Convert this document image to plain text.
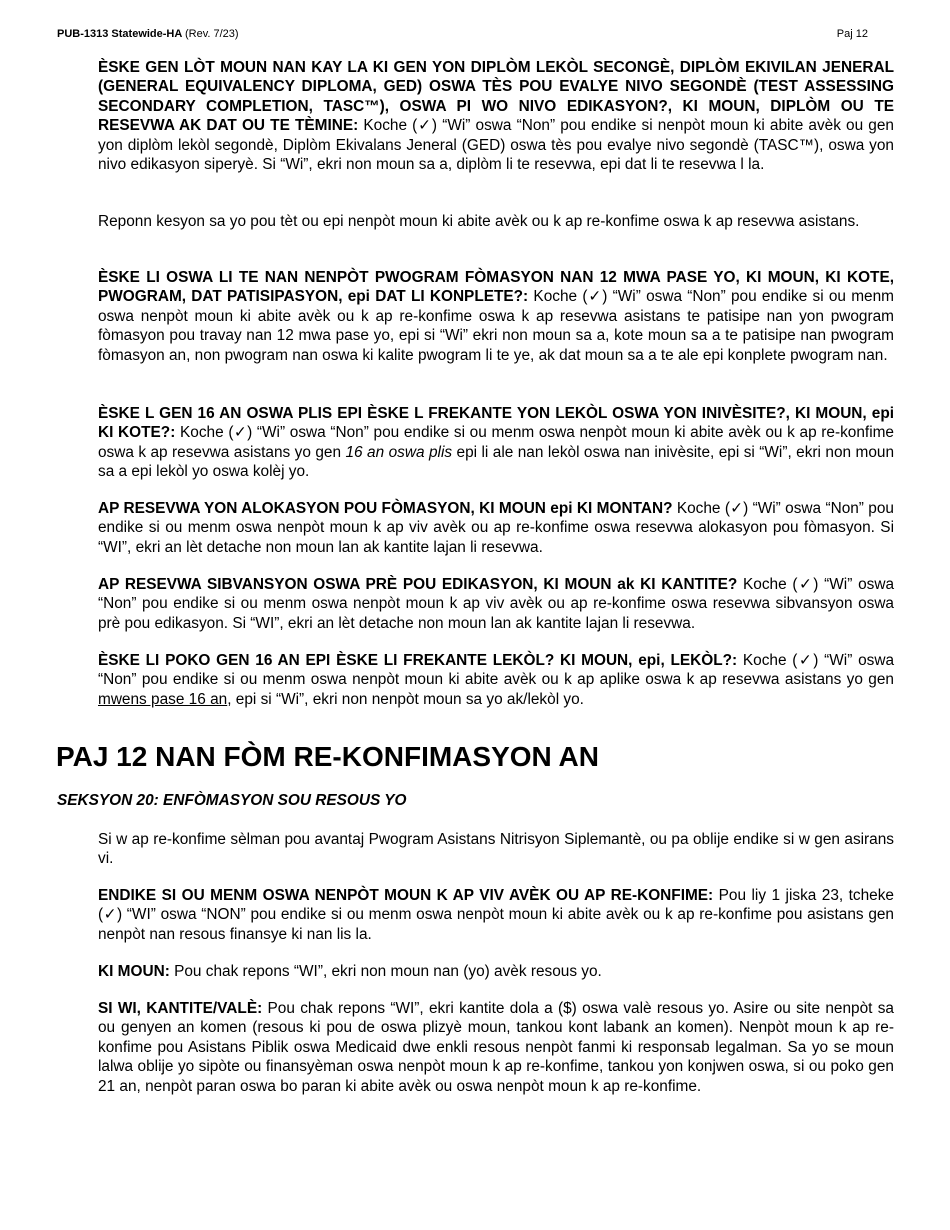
PUB-1313 Statewide-HA (Rev. 7/23)	Paj 12

ÈSKE GEN LÒT MOUN NAN KAY LA KI GEN YON DIPLÒM LEKÒL SECONGÈ, DIPLÒM EKIVILAN JENERAL (GENERAL EQUIVALENCY DIPLOMA, GED) OSWA TÈS POU EVALYE NIVO SEGONDÈ (TEST ASSESSING SECONDARY COMPLETION, TASC™), OSWA PI WO NIVO EDIKASYON?, KI MOUN, DIPLÒM OU TE RESEVWA AK DAT OU TE TÈMINE: Koche (✓) “Wi” oswa “Non” pou endike si nenpòt moun ki abite avèk ou gen yon diplòm lekòl segondè, Diplòm Ekivalans Jeneral (GED) oswa tès pou evalye nivo segondè (TASC™), oswa yon nivo edikasyon siperyè. Si “Wi”, ekri non moun sa a, diplòm li te resevwa, epi dat li te resevwa l la.

Reponn kesyon sa yo pou tèt ou epi nenpòt moun ki abite avèk ou k ap re-konfime oswa k ap resevwa asistans.

ÈSKE LI OSWA LI TE NAN NENPÒT PWOGRAM FÒMASYON NAN 12 MWA PASE YO, KI MOUN, KI KOTE, PWOGRAM, DAT PATISIPASYON, epi DAT LI KONPLETE?: Koche (✓) “Wi” oswa “Non” pou endike si ou menm oswa nenpòt moun ki abite avèk ou k ap re-konfime oswa k ap resevwa asistans te patisipe nan yon pwogram fòmasyon pou travay nan 12 mwa pase yo, epi si “Wi” ekri non moun sa a, kote moun sa a te patisipe nan pwogram fòmasyon an, non pwogram nan oswa ki kalite pwogram li te ye, ak dat moun sa a te ale epi konplete pwogram nan.

ÈSKE L GEN 16 AN OSWA PLIS EPI ÈSKE L FREKANTE YON LEKÒL OSWA YON INIVÈSITE?, KI MOUN, epi KI KOTE?: Koche (✓) “Wi” oswa “Non” pou endike si ou menm oswa nenpòt moun ki abite avèk ou k ap re-konfime oswa k ap resevwa asistans yo gen 16 an oswa plis epi li ale nan lekòl oswa nan inivèsite, epi si “Wi”, ekri non moun sa a epi lekòl yo oswa kolèj yo.

AP RESEVWA YON ALOKASYON POU FÒMASYON, KI MOUN epi KI MONTAN? Koche (✓) “Wi” oswa “Non” pou endike si ou menm oswa nenpòt moun k ap viv avèk ou ap re-konfime oswa resevwa alokasyon pou fòmasyon. Si “WI”, ekri an lèt detache non moun lan ak kantite lajan li resevwa.

AP RESEVWA SIBVANSYON OSWA PRÈ POU EDIKASYON, KI MOUN ak KI KANTITE? Koche (✓) “Wi” oswa “Non” pou endike si ou menm oswa nenpòt moun k ap viv avèk ou ap re-konfime oswa resevwa sibvansyon oswa prè pou edikasyon. Si “WI”, ekri an lèt detache non moun lan ak kantite lajan li resevwa.

ÈSKE LI POKO GEN 16 AN EPI ÈSKE LI FREKANTE LEKÒL? KI MOUN, epi, LEKÒL?: Koche (✓) “Wi” oswa “Non” pou endike si ou menm oswa nenpòt moun ki abite avèk ou k ap aplike oswa k ap resevwa asistans yo gen mwens pase 16 an, epi si “Wi”, ekri non nenpòt moun sa yo ak/lekòl yo.

PAJ 12 NAN FÒM RE-KONFIMASYON AN
SEKSYON 20: ENFÒMASYON SOU RESOUS YO

Si w ap re-konfime sèlman pou avantaj Pwogram Asistans Nitrisyon Siplemantè, ou pa oblije endike si w gen asirans vi.

ENDIKE SI OU MENM OSWA NENPÒT MOUN K AP VIV AVÈK OU AP RE-KONFIME: Pou liy 1 jiska 23, tcheke (✓) “WI” oswa “NON” pou endike si ou menm oswa nenpòt moun ki abite avèk ou k ap re-konfime pou asistans gen nenpòt nan resous finansye ki nan lis la.

KI MOUN: Pou chak repons “WI”, ekri non moun nan (yo) avèk resous yo.

SI WI, KANTITE/VALÈ: Pou chak repons “WI”, ekri kantite dola a ($) oswa valè resous yo. Asire ou site nenpòt sa ou genyen an komen (resous ki pou de oswa plizyè moun, tankou kont labank an komen). Nenpòt moun k ap re-konfime pou Asistans Piblik oswa Medicaid dwe enkli resous nenpòt fanmi ki responsab legalman. Sa yo se moun lalwa oblije yo sipòte ou finansyèman oswa nenpòt moun k ap re-konfime, tankou yon konjwen oswa, si ou poko gen 21 an, nenpòt paran oswa bo paran ki abite avèk ou oswa nenpòt moun k ap re-konfime.
